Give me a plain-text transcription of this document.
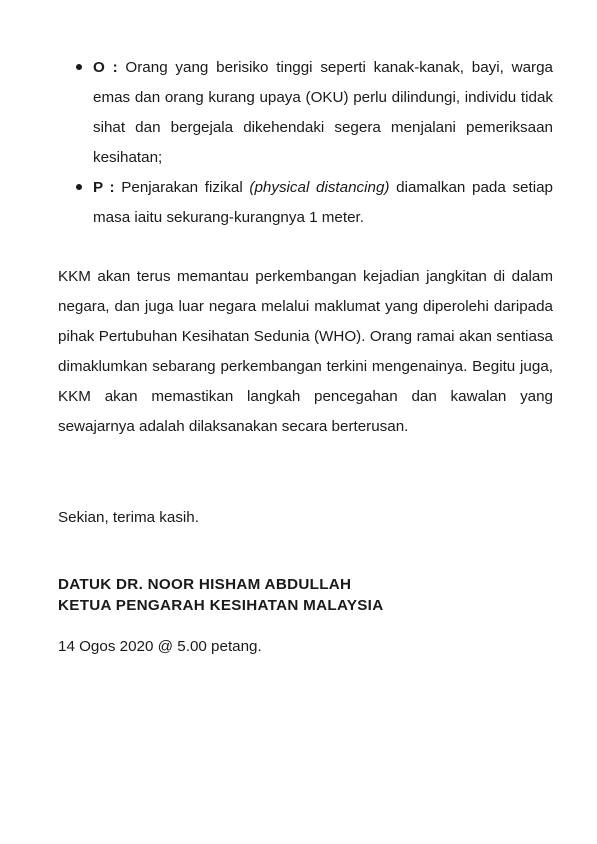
O : Orang yang berisiko tinggi seperti kanak-kanak, bayi, warga emas dan orang kurang upaya (OKU) perlu dilindungi, individu tidak sihat dan bergejala dikehendaki segera menjalani pemeriksaan kesihatan;
P : Penjarakan fizikal (physical distancing) diamalkan pada setiap masa iaitu sekurang-kurangnya 1 meter.

KKM akan terus memantau perkembangan kejadian jangkitan di dalam negara, dan juga luar negara melalui maklumat yang diperolehi daripada pihak Pertubuhan Kesihatan Sedunia (WHO). Orang ramai akan sentiasa dimaklumkan sebarang perkembangan terkini mengenainya. Begitu juga, KKM akan memastikan langkah pencegahan dan kawalan yang sewajarnya adalah dilaksanakan secara berterusan.

Sekian, terima kasih.

DATUK DR. NOOR HISHAM ABDULLAH
KETUA PENGARAH KESIHATAN MALAYSIA
14 Ogos 2020 @ 5.00 petang.
